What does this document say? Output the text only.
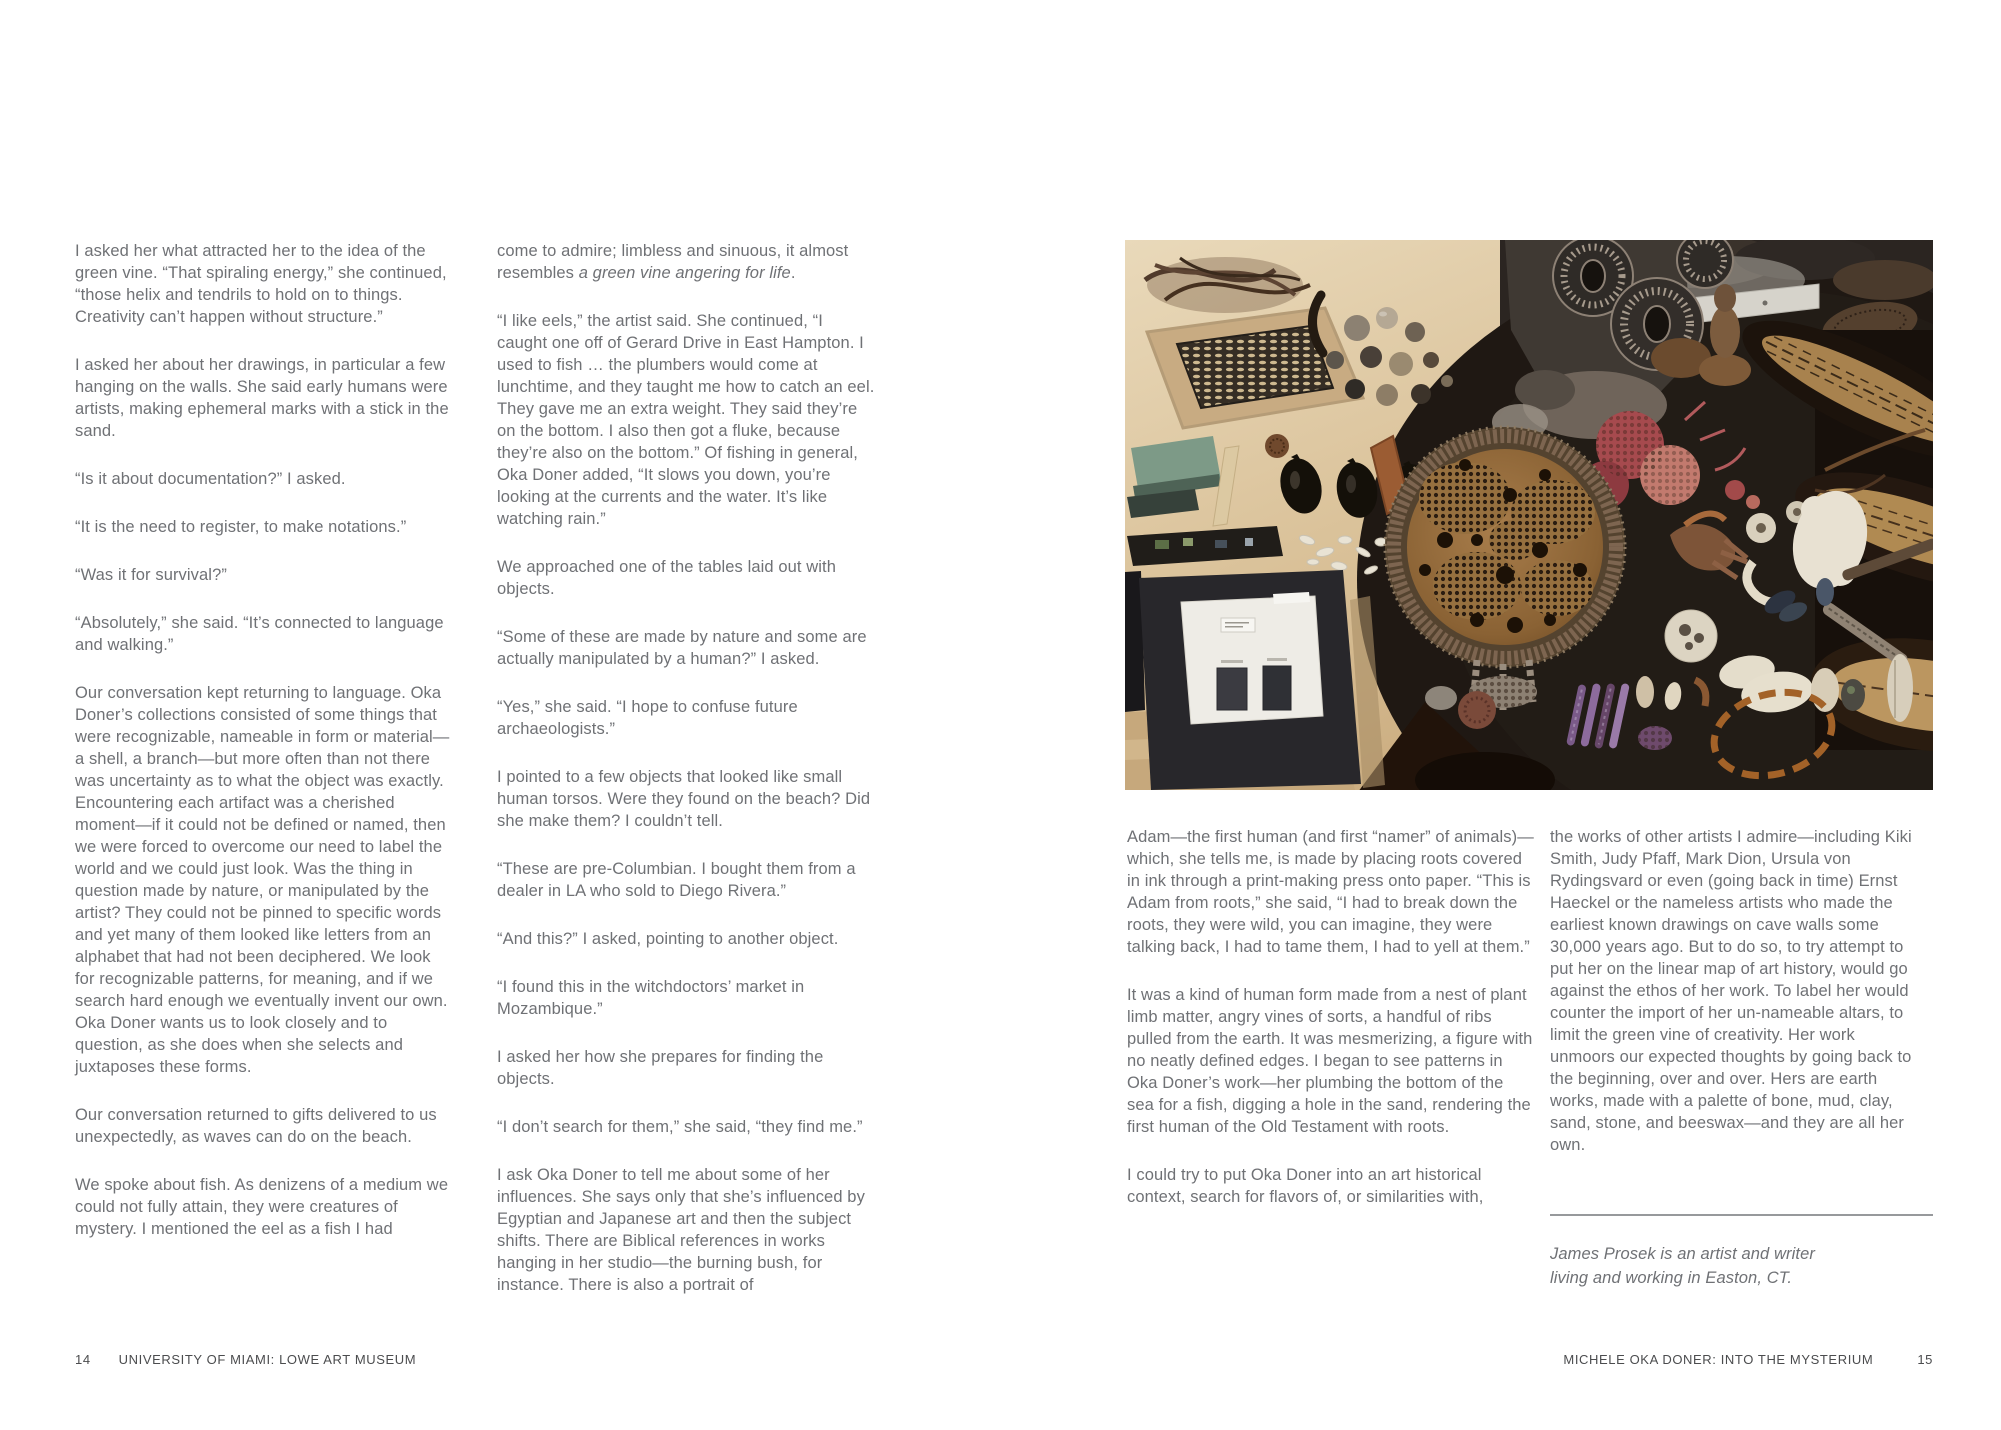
I asked her what attracted her to the idea of the green vine. “That spiraling energy,” she continued, “those helix and tendrils to hold on to things. Creativity can’t happen without structure.”

I asked her about her drawings, in particular a few hanging on the walls. She said early humans were artists, making ephemeral marks with a stick in the sand.

“Is it about documentation?” I asked.

“It is the need to register, to make notations.”

“Was it for survival?”

“Absolutely,” she said. “It’s connected to language and walking.”

Our conversation kept returning to language. Oka Doner’s collections consisted of some things that were recognizable, nameable in form or material—a shell, a branch—but more often than not there was uncertainty as to what the object was exactly. Encountering each artifact was a cherished moment—if it could not be defined or named, then we were forced to overcome our need to label the world and we could just look. Was the thing in question made by nature, or manipulated by the artist? They could not be pinned to specific words and yet many of them looked like letters from an alphabet that had not been deciphered. We look for recognizable patterns, for meaning, and if we search hard enough we eventually invent our own. Oka Doner wants us to look closely and to question, as she does when she selects and juxtaposes these forms.

Our conversation returned to gifts delivered to us unexpectedly, as waves can do on the beach.

We spoke about fish. As denizens of a medium we could not fully attain, they were creatures of mystery. I mentioned the eel as a fish I had

come to admire; limbless and sinuous, it almost resembles a green vine angering for life.

“I like eels,” the artist said. She continued, “I caught one off of Gerard Drive in East Hampton. I used to fish … the plumbers would come at lunchtime, and they taught me how to catch an eel. They gave me an extra weight. They said they’re on the bottom. I also then got a fluke, because they’re also on the bottom.” Of fishing in general, Oka Doner added, “It slows you down, you’re looking at the currents and the water. It’s like watching rain.”

We approached one of the tables laid out with objects.

“Some of these are made by nature and some are actually manipulated by a human?” I asked.

“Yes,” she said. “I hope to confuse future archaeologists.”

I pointed to a few objects that looked like small human torsos. Were they found on the beach? Did she make them? I couldn’t tell.

“These are pre-Columbian. I bought them from a dealer in LA who sold to Diego Rivera.”

“And this?” I asked, pointing to another object.

“I found this in the witchdoctors’ market in Mozambique.”

I asked her how she prepares for finding the objects.

“I don’t search for them,” she said, “they find me.”

I ask Oka Doner to tell me about some of her influences. She says only that she’s influenced by Egyptian and Japanese art and then the subject shifts. There are Biblical references in works hanging in her studio—the burning bush, for instance. There is also a portrait of

Adam—the first human (and first “namer” of animals)—which, she tells me, is made by placing roots covered in ink through a print-making press onto paper. “This is Adam from roots,” she said, “I had to break down the roots, they were wild, you can imagine, they were talking back, I had to tame them, I had to yell at them.”

It was a kind of human form made from a nest of plant limb matter, angry vines of sorts, a handful of ribs pulled from the earth. It was mesmerizing, a figure with no neatly defined edges. I began to see patterns in Oka Doner’s work—her plumbing the bottom of the sea for a fish, digging a hole in the sand, rendering the first human of the Old Testament with roots.

I could try to put Oka Doner into an art historical context, search for flavors of, or similarities with,

the works of other artists I admire—including Kiki Smith, Judy Pfaff, Mark Dion, Ursula von Rydingsvard or even (going back in time) Ernst Haeckel or the nameless artists who made the earliest known drawings on cave walls some 30,000 years ago. But to do so, to try attempt to put her on the linear map of art history, would go against the ethos of her work. To label her would counter the import of her un-nameable altars, to limit the green vine of creativity. Her work unmoors our expected thoughts by going back to the beginning, over and over. Hers are earth works, made with a palette of bone, mud, clay, sand, stone, and beeswax—and they are all her own.

James Prosek is an artist and writer living and working in Easton, CT.

14 UNIVERSITY OF MIAMI: LOWE ART MUSEUM	MICHELE OKA DONER: INTO THE MYSTERIUM	15
